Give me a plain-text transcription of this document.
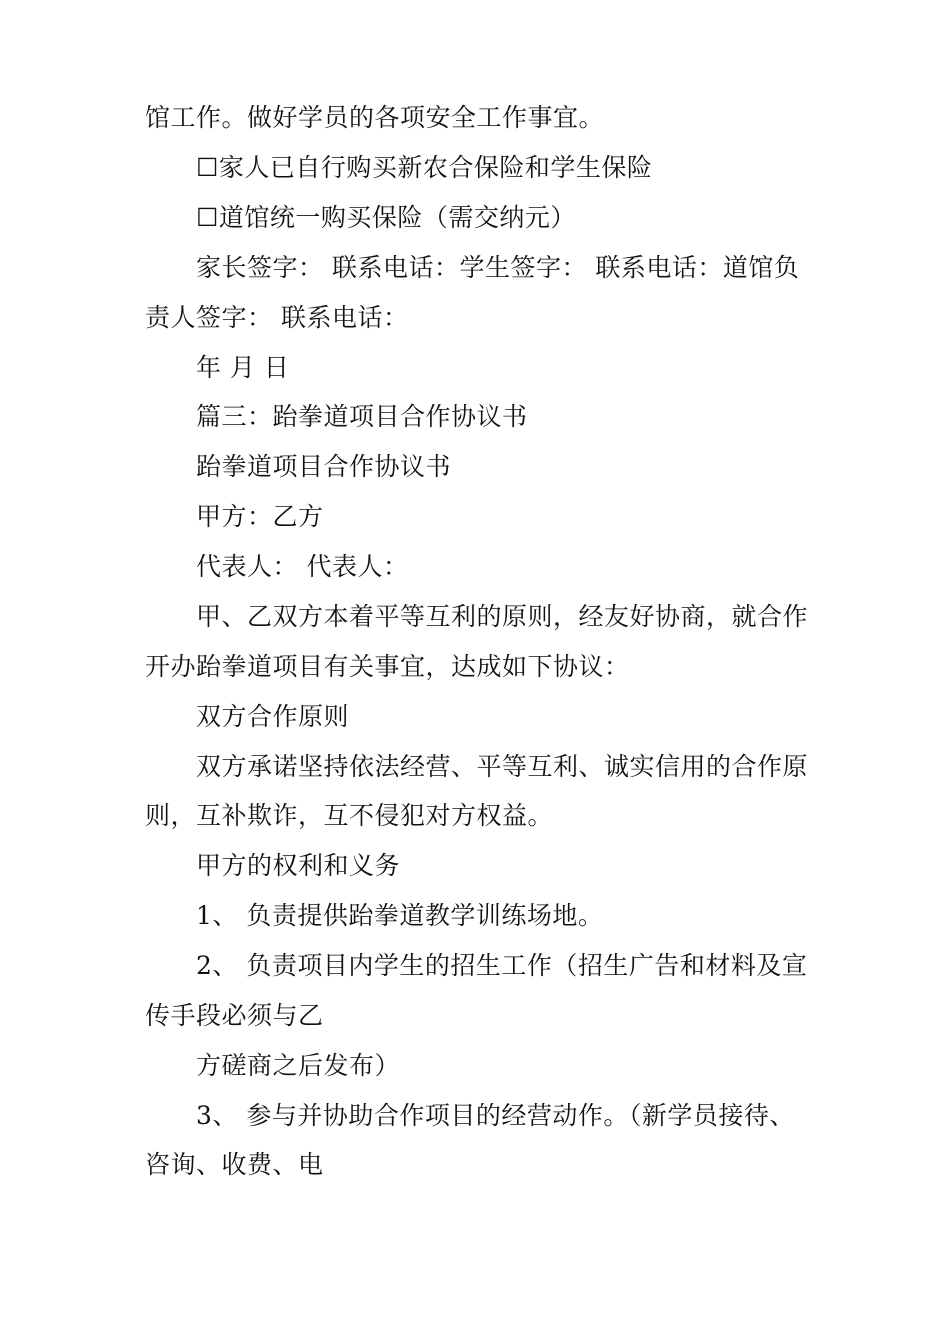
馆工作。做好学员的各项安全工作事宜。
☐家人已自行购买新农合保险和学生保险
☐道馆统一购买保险（需交纳元）
家长签字： 联系电话：学生签字： 联系电话：道馆负
责人签字： 联系电话：
年 月 日
篇三：跆拳道项目合作协议书
跆拳道项目合作协议书
甲方：乙方
代表人： 代表人：
甲、乙双方本着平等互利的原则，经友好协商，就合作
开办跆拳道项目有关事宜，达成如下协议：
双方合作原则
双方承诺坚持依法经营、平等互利、诚实信用的合作原
则，互补欺诈，互不侵犯对方权益。
甲方的权利和义务
1、 负责提供跆拳道教学训练场地。
2、 负责项目内学生的招生工作（招生广告和材料及宣
传手段必须与乙
方磋商之后发布）
3、 参与并协助合作项目的经营动作。（新学员接待、
咨询、收费、电
